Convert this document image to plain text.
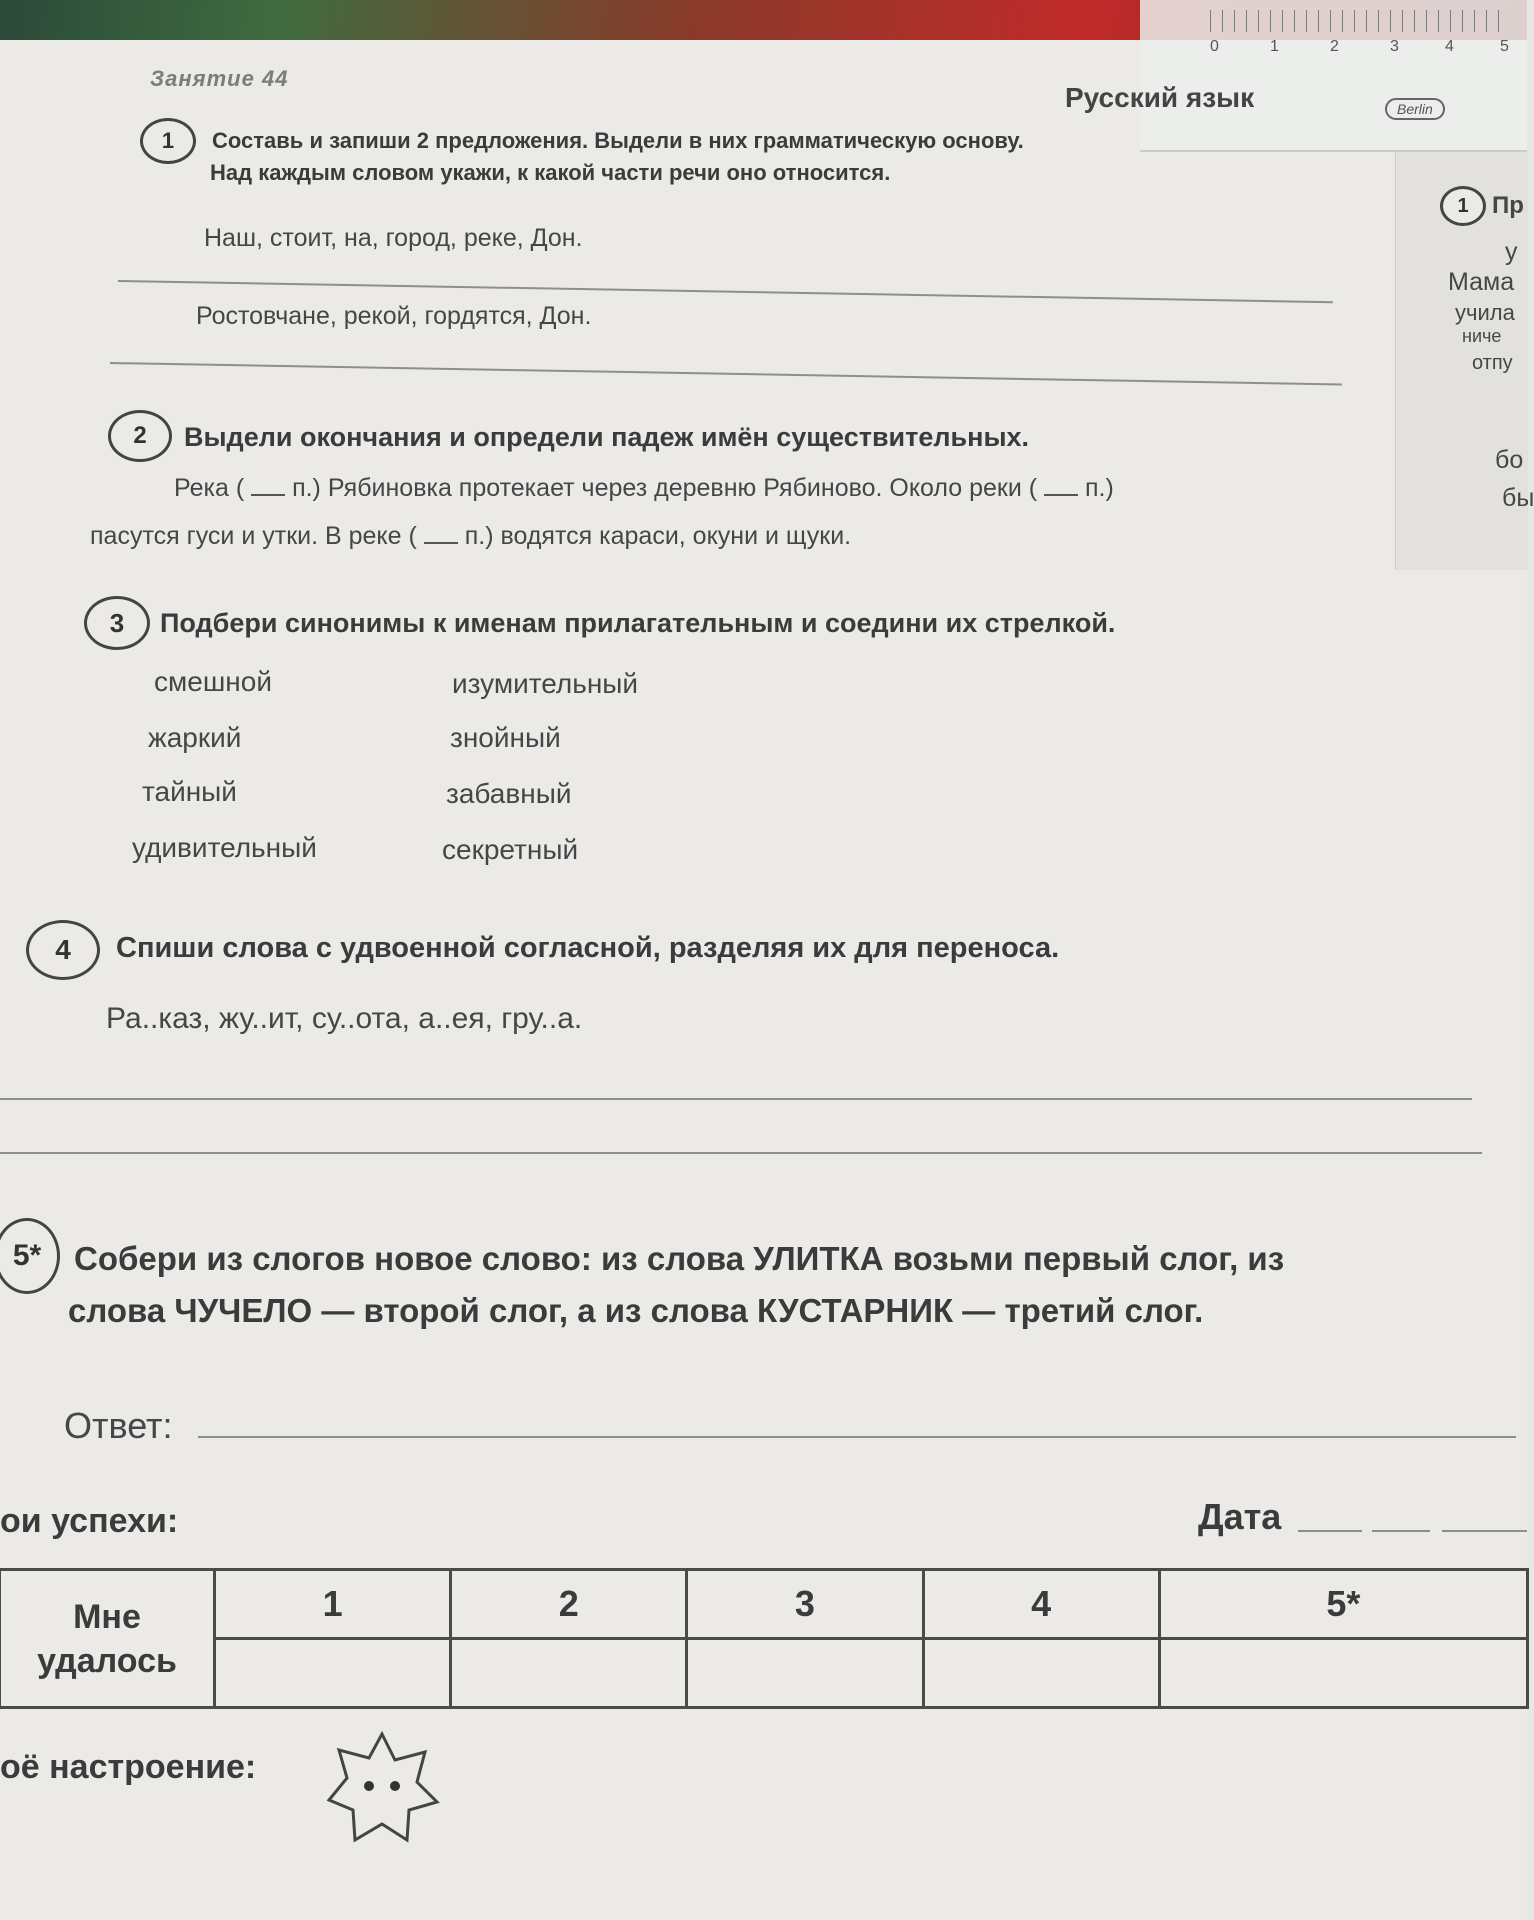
0	1	2	3	4	5
Занятие 44
Русский язык	Berlin
1 Пр
у
Мама
учила
ниче
отпу
бо
бы
1	Составь и запиши 2 предложения. Выдели в них грамматическую основу.
Над каждым словом укажи, к какой части речи оно относится.
Наш, стоит, на, город, реке, Дон.
Ростовчане, рекой, гордятся, Дон.
2	Выдели окончания и определи падеж имён существительных.
Река ( п.) Рябиновка протекает через деревню Рябиново. Около реки ( п.)
пасутся гуси и утки. В реке ( п.) водятся караси, окуни и щуки.
3	Подбери синонимы к именам прилагательным и соедини их стрелкой.
смешной
жаркий
тайный
удивительный
изумительный
знойный
забавный
секретный
4	Спиши слова с удвоенной согласной, разделяя их для переноса.
Ра..каз, жу..ит, су..ота, а..ея, гру..а.
5* Собери из слогов новое слово: из слова УЛИТКА возьми первый слог, из
слова ЧУЧЕЛО — второй слог, а из слова КУСТАРНИК — третий слог.
Ответ:
ои успехи:	Дата
Мне
удалось	1	2	3	4	5*

оё настроение:
